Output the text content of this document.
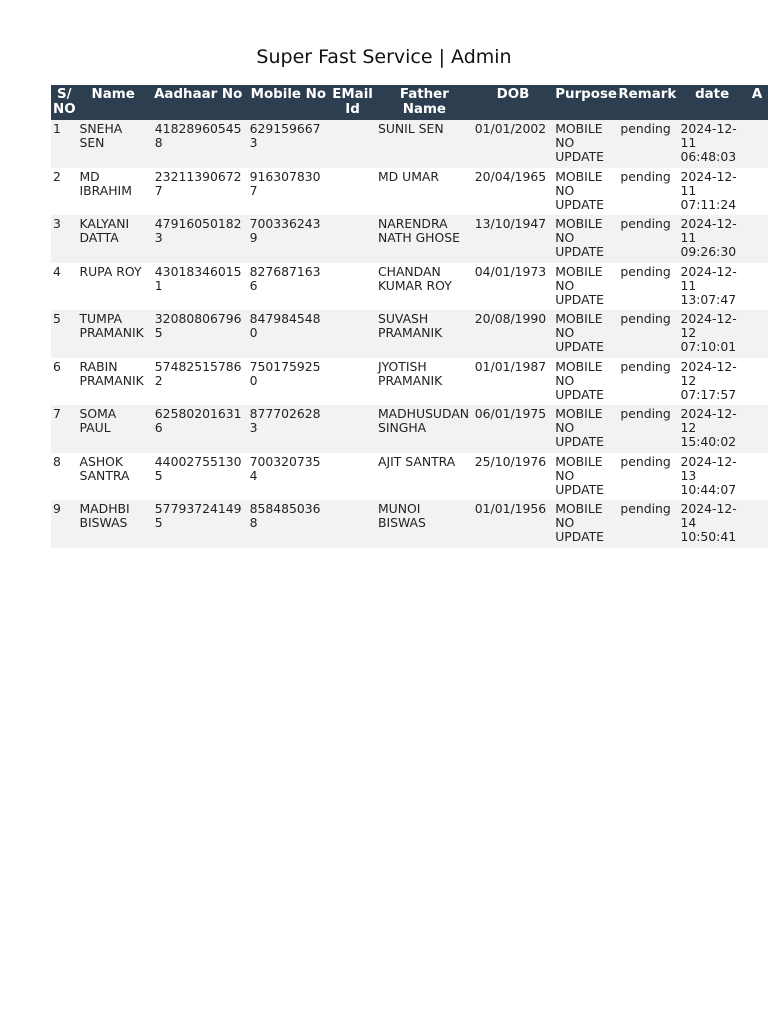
Super Fast Service | Admin
S/ NO	Name	Aadhaar No	Mobile No	EMail Id	Father Name	DOB	Purpose	Remark	date	A
1	SNEHA SEN	418289605458	6291596673		SUNIL SEN	01/01/2002	MOBILE NO UPDATE	pending	2024-12-11 06:48:03	
2	MD IBRAHIM	232113906727	9163078307		MD UMAR	20/04/1965	MOBILE NO UPDATE	pending	2024-12-11 07:11:24	
3	KALYANI DATTA	479160501823	7003362439		NARENDRA NATH GHOSE	13/10/1947	MOBILE NO UPDATE	pending	2024-12-11 09:26:30	
4	RUPA ROY	430183460151	8276871636		CHANDAN KUMAR ROY	04/01/1973	MOBILE NO UPDATE	pending	2024-12-11 13:07:47	
5	TUMPA PRAMANIK	320808067965	8479845480		SUVASH PRAMANIK	20/08/1990	MOBILE NO UPDATE	pending	2024-12-12 07:10:01	
6	RABIN PRAMANIK	574825157862	7501759250		JYOTISH PRAMANIK	01/01/1987	MOBILE NO UPDATE	pending	2024-12-12 07:17:57	
7	SOMA PAUL	625802016316	8777026283		MADHUSUDAN SINGHA	06/01/1975	MOBILE NO UPDATE	pending	2024-12-12 15:40:02	
8	ASHOK SANTRA	440027551305	7003207354		AJIT SANTRA	25/10/1976	MOBILE NO UPDATE	pending	2024-12-13 10:44:07	
9	MADHBI BISWAS	577937241495	8584850368		MUNOI BISWAS	01/01/1956	MOBILE NO UPDATE	pending	2024-12-14 10:50:41	
